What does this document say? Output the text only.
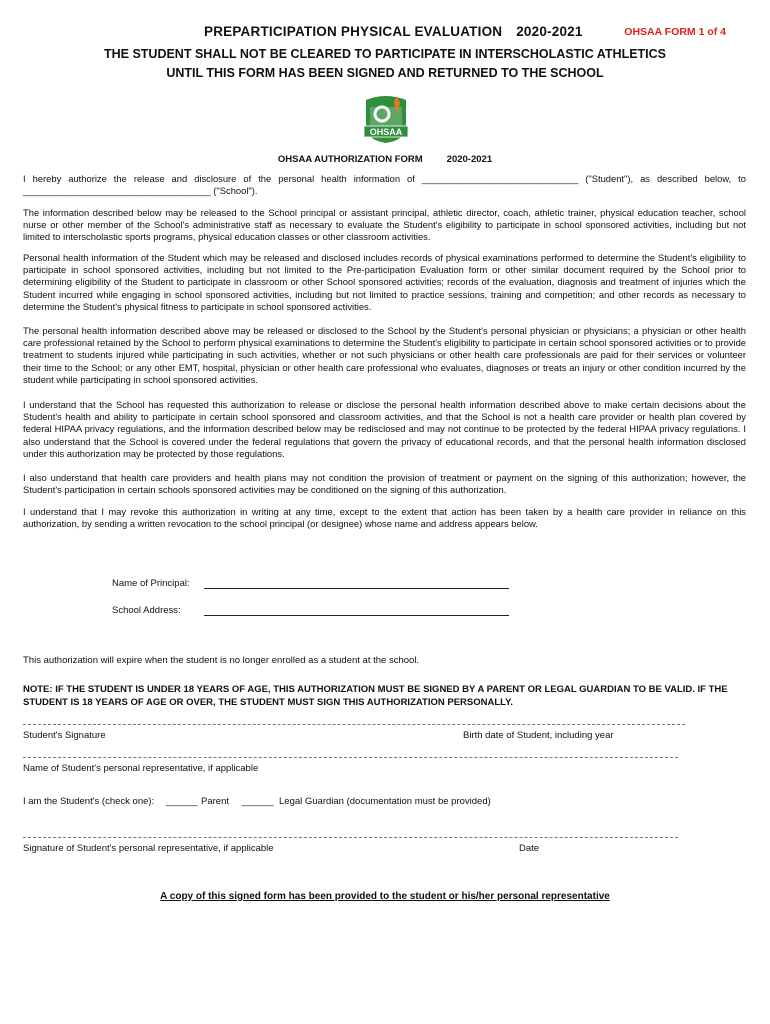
PREPARTICIPATION PHYSICAL EVALUATION 2020-2021	OHSAA FORM 1 of 4
THE STUDENT SHALL NOT BE CLEARED TO PARTICIPATE IN INTERSCHOLASTIC ATHLETICS
UNTIL THIS FORM HAS BEEN SIGNED AND RETURNED TO THE SCHOOL
OHSAA
OHSAA AUTHORIZATION FORM	2020-2021
I hereby authorize the release and disclosure of the personal health information of ______________________________ ("Student"), as described below, to ____________________________________ ("School").
The information described below may be released to the School principal or assistant principal, athletic director, coach, athletic trainer, physical education teacher, school nurse or other member of the School's administrative staff as necessary to evaluate the Student's eligibility to participate in school sponsored activities, including but not limited to interscholastic sports programs, physical education classes or other classroom activities.
Personal health information of the Student which may be released and disclosed includes records of physical examinations performed to determine the Student's eligibility to participate in school sponsored activities, including but not limited to the Pre-participation Evaluation form or other similar document required by the School prior to determining eligibility of the Student to participate in classroom or other School sponsored activities; records of the evaluation, diagnosis and treatment of injuries which the Student incurred while engaging in school sponsored activities, including but not limited to practice sessions, training and competition; and other records as necessary to determine the Student's physical fitness to participate in school sponsored activities.
The personal health information described above may be released or disclosed to the School by the Student's personal physician or physicians; a physician or other health care professional retained by the School to perform physical examinations to determine the Student's eligibility to participate in certain school sponsored activities or to provide treatment to students injured while participating in such activities, whether or not such physicians or other health care professionals are paid for their services or volunteer their time to the School; or any other EMT, hospital, physician or other health care professional who evaluates, diagnoses or treats an injury or other condition incurred by the student while participating in school sponsored activities.
I understand that the School has requested this authorization to release or disclose the personal health information described above to make certain decisions about the Student's health and ability to participate in certain school sponsored and classroom activities, and that the School is not a health care provider or health plan covered by federal HIPAA privacy regulations, and the information described below may be redisclosed and may not continue to be protected by the federal HIPAA privacy regulations. I also understand that the School is covered under the federal regulations that govern the privacy of educational records, and that the personal health information disclosed under this authorization may be protected by those regulations.
I also understand that health care providers and health plans may not condition the provision of treatment or payment on the signing of this authorization; however, the Student's participation in certain schools sponsored activities may be conditioned on the signing of this authorization.
I understand that I may revoke this authorization in writing at any time, except to the extent that action has been taken by a health care provider in reliance on this authorization, by sending a written revocation to the school principal (or designee) whose name and address appears below.
Name of Principal:
School Address:
This authorization will expire when the student is no longer enrolled as a student at the school.
NOTE: IF THE STUDENT IS UNDER 18 YEARS OF AGE, THIS AUTHORIZATION MUST BE SIGNED BY A PARENT OR LEGAL GUARDIAN TO BE VALID. IF THE STUDENT IS 18 YEARS OF AGE OR OVER, THE STUDENT MUST SIGN THIS AUTHORIZATION PERSONALLY.
Student's Signature	Birth date of Student, including year
Name of Student's personal representative, if applicable
I am the Student's (check one): ______ Parent ______ Legal Guardian (documentation must be provided)
Signature of Student's personal representative, if applicable	Date
A copy of this signed form has been provided to the student or his/her personal representative
